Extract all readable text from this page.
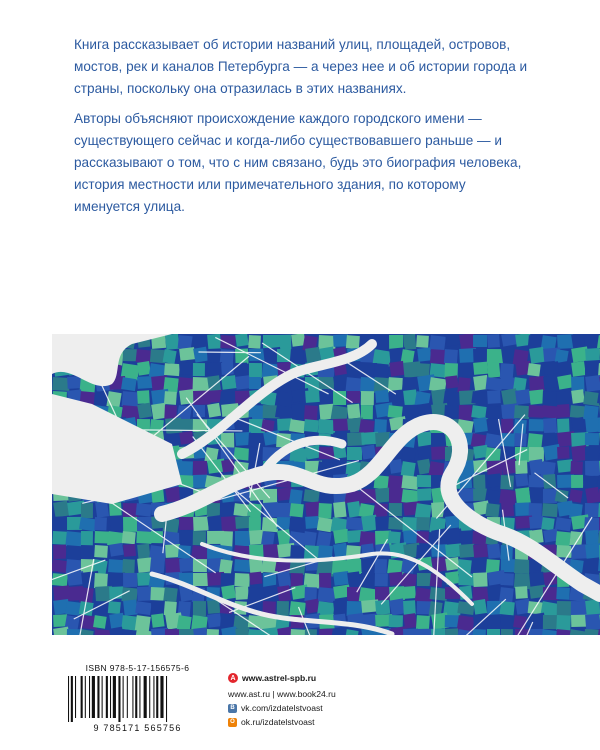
Книга рассказывает об истории названий улиц, площадей, островов, мостов, рек и каналов Петербурга — а через нее и об истории города и страны, поскольку она отразилась в этих названиях.

Авторы объясняют происхождение каждого городского имени — существующего сейчас и когда-либо существовавшего раньше — и рассказывают о том, что с ним связано, будь это биография человека, история местности или примечательного здания, по которому именуется улица.

ISBN 978-5-17-156575-6
9 785171 565756
A www.astrel-spb.ru
www.ast.ru | www.book24.ru
В vk.com/izdatelstvoast
О ok.ru/izdatelstvoast
